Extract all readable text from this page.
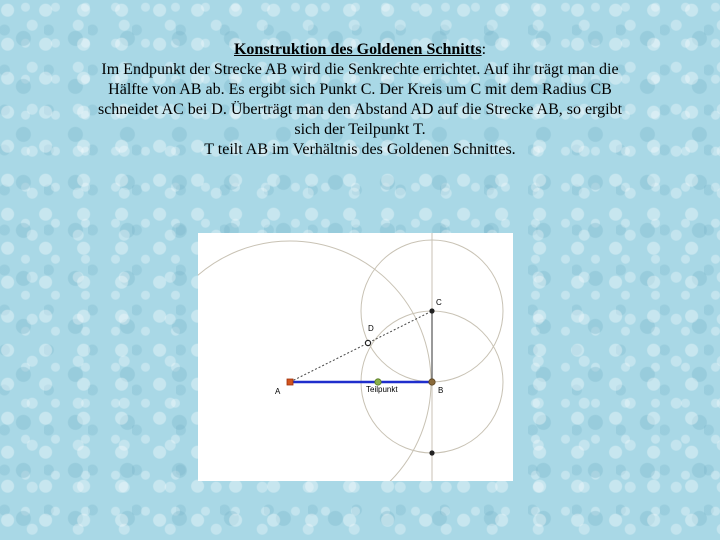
Konstruktion des Goldenen Schnitts:
Im Endpunkt der Strecke AB wird die Senkrechte errichtet. Auf ihr trägt man die
Hälfte von AB ab. Es ergibt sich Punkt C. Der Kreis um C mit dem Radius CB
schneidet AC bei D. Überträgt man den Abstand AD auf die Strecke AB, so ergibt
sich der Teilpunkt T.
T teilt AB im Verhältnis des Goldenen Schnittes.
C
D
A	Teilpunkt	B
